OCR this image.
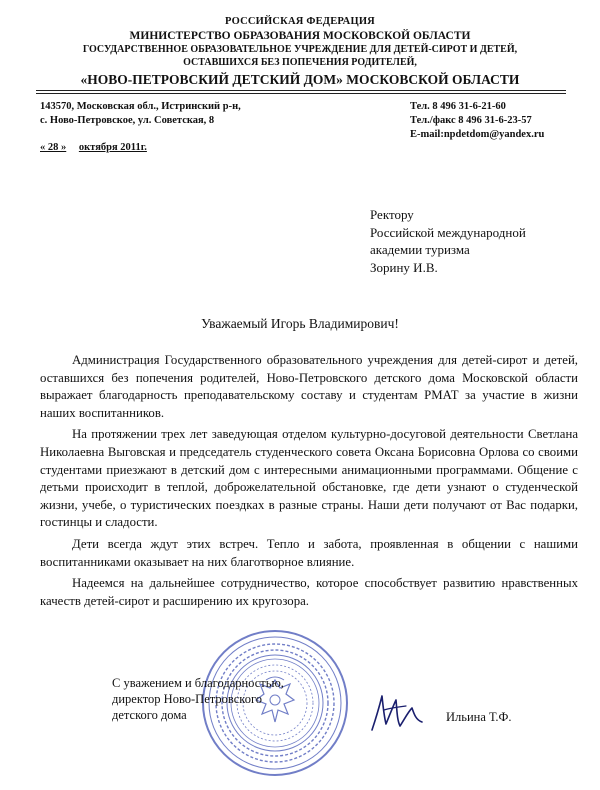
РОССИЙСКАЯ ФЕДЕРАЦИЯ
МИНИСТЕРСТВО ОБРАЗОВАНИЯ МОСКОВСКОЙ ОБЛАСТИ
ГОСУДАРСТВЕННОЕ ОБРАЗОВАТЕЛЬНОЕ УЧРЕЖДЕНИЕ ДЛЯ ДЕТЕЙ-СИРОТ И ДЕТЕЙ,
ОСТАВШИХСЯ БЕЗ ПОПЕЧЕНИЯ РОДИТЕЛЕЙ,
«НОВО-ПЕТРОВСКИЙ ДЕТСКИЙ ДОМ» МОСКОВСКОЙ ОБЛАСТИ
143570, Московская обл., Истринский р-н,
с. Ново-Петровское, ул. Советская, 8
Тел. 8 496 31-6-21-60
Тел./факс 8 496 31-6-23-57
E-mail:npdetdom@yandex.ru
« 28 » октября 2011г.
Ректору
Российской международной
академии туризма
Зорину И.В.
Уважаемый Игорь Владимирович!

Администрация Государственного образовательного учреждения для детей-сирот и детей, оставшихся без попечения родителей, Ново-Петровского детского дома Московской области выражает благодарность преподавательскому составу и студентам РМАТ за участие в жизни наших воспитанников.

На протяжении трех лет заведующая отделом культурно-досуговой деятельности Светлана Николаевна Выговская и председатель студенческого совета Оксана Борисовна Орлова со своими студентами приезжают в детский дом с интересными анимационными программами. Общение с детьми происходит в теплой, доброжелательной обстановке, где дети узнают о студенческой жизни, учебе, о туристических поездках в разные страны. Наши дети получают от Вас подарки, гостинцы и сладости.

Дети всегда ждут этих встреч. Тепло и забота, проявленная в общении с нашими воспитанниками оказывает на них благотворное влияние.

Надеемся на дальнейшее сотрудничество, которое способствует развитию нравственных качеств детей-сирот и расширению их кругозора.

С уважением и благодарностью,
директор Ново-Петровского
детского дома	Ильина Т.Ф.
